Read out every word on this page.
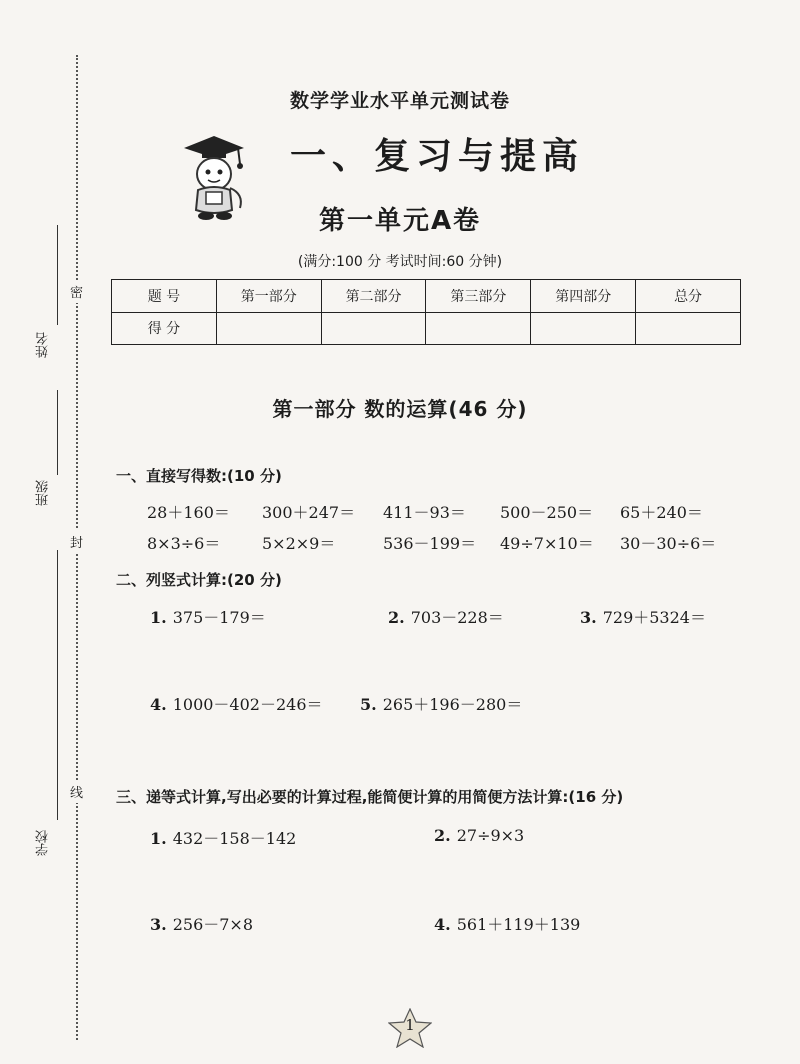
密
封
线
姓名
班级
学校
数学学业水平单元测试卷
一、复习与提高
第一单元A卷
(满分:100 分 考试时间:60 分钟)
题 号	第一部分	第二部分	第三部分	第四部分	总分
得 分					
第一部分 数的运算(46 分)
一、直接写得数:(10 分)
28＋160＝ 300＋247＝ 411－93＝ 500－250＝ 65＋240＝
8×3÷6＝	5×2×9＝	536－199＝ 49÷7×10＝ 30－30÷6＝
二、列竖式计算:(20 分)
1. 375－179＝	2. 703－228＝	3. 729＋5324＝
4. 1000－402－246＝ 5. 265＋196－280＝
三、递等式计算,写出必要的计算过程,能简便计算的用简便方法计算:(16 分)
1. 432－158－142	2. 27÷9×3
3. 256－7×8	4. 561＋119＋139
1
